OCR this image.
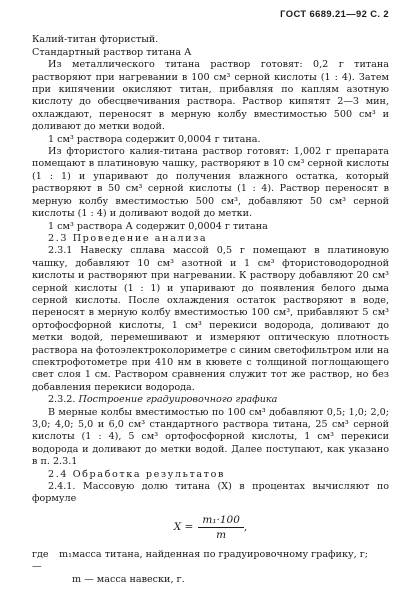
ГОСТ 6689.21—92 С. 2

Калий-титан фтористый.

Стандартный раствор титана А

Из металлического титана раствор готовят: 0,2 г титана растворяют при нагревании в 100 см³ серной кислоты (1 : 4). Затем при кипячении окисляют титан, прибавляя по каплям азотную кислоту до обесцвечивания раствора. Раствор кипятят 2—3 мин, охлаждают, переносят в мерную колбу вместимостью 500 см³ и доливают до метки водой.

1 см³ раствора содержит 0,0004 г титана.

Из фтористого калия-титана раствор готовят: 1,002 г препарата помещают в платиновую чашку, растворяют в 10 см³ серной кислоты (1 : 1) и упаривают до получения влажного остатка, который растворяют в 50 см³ серной кислоты (1 : 4). Раствор переносят в мерную колбу вместимостью 500 см³, добавляют 50 см³ серной кислоты (1 : 4) и доливают водой до метки.

1 см³ раствора А содержит 0,0004 г титана

2.3 Проведение анализа

2.3.1 Навеску сплава массой 0,5 г помещают в платиновую чашку, добавляют 10 см³ азотной и 1 см³ фтористоводородной кислоты и растворяют при нагревании. К раствору добавляют 20 см³ серной кислоты (1 : 1) и упаривают до появления белого дыма серной кислоты. После охлаждения остаток растворяют в воде, переносят в мерную колбу вместимостью 100 см³, прибавляют 5 см³ ортофосфорной кислоты, 1 см³ перекиси водорода, доливают до метки водой, перемешивают и измеряют оптическую плотность раствора на фотоэлектроколориметре с синим светофильтром или на спектрофотометре при 410 нм в кювете с толщиной поглощающего свет слоя 1 см. Раствором сравнения служит тот же раствор, но без добавления перекиси водорода.

2.3.2. Построение градуировочного графика

В мерные колбы вместимостью по 100 см³ добавляют 0,5; 1,0; 2,0; 3,0; 4,0; 5,0 и 6,0 см³ стандартного раствора титана, 25 см³ серной кислоты (1 : 4), 5 см³ ортофосфорной кислоты, 1 см³ перекиси водорода и доливают до метки водой. Далее поступают, как указано в п. 2.3.1

2.4 Обработка результатов

2.4.1. Массовую долю титана (X) в процентах вычисляют по формуле

$X = \frac{\text{m₁·100}}{m}$ ,
где m₁ —
масса титана, найденная по градуировочному графику, г;
m — масса навески, г.
